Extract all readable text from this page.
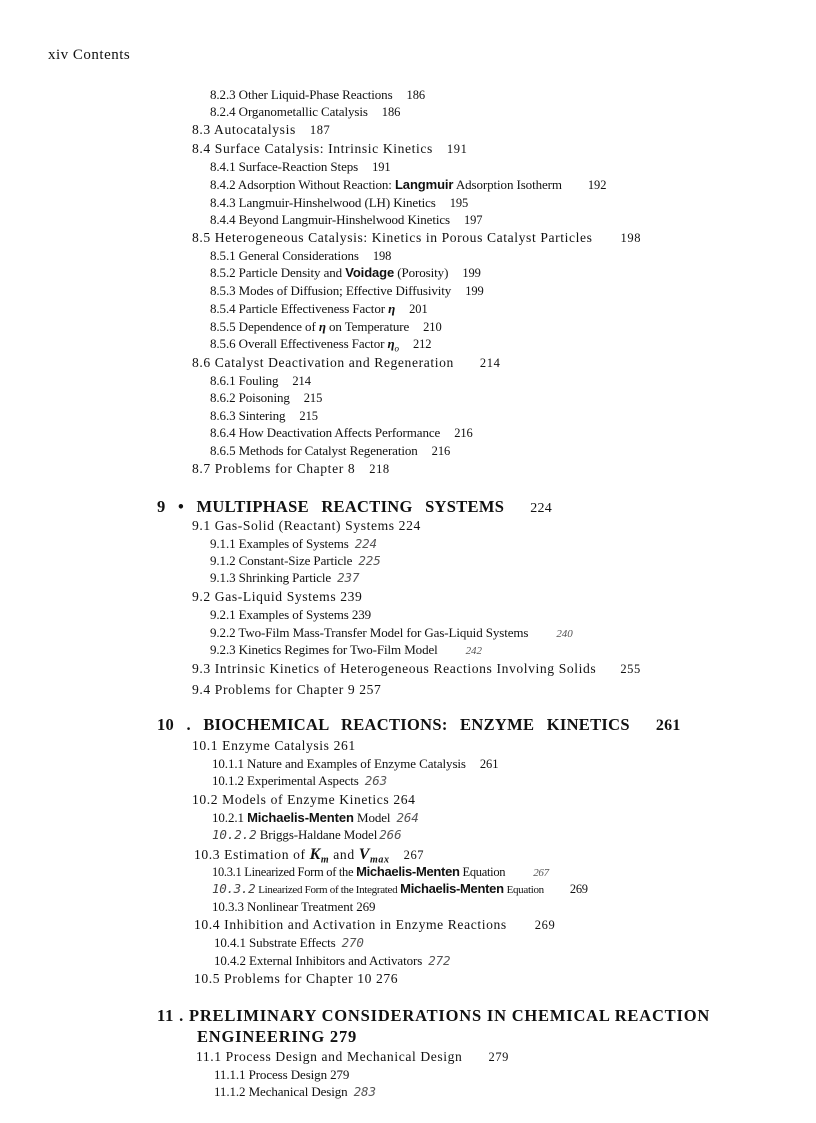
xiv Contents
8.2.3 Other Liquid-Phase Reactions 186
8.2.4 Organometallic Catalysis 186
8.3 Autocatalysis 187
8.4 Surface Catalysis: Intrinsic Kinetics 191
8.4.1 Surface-Reaction Steps 191
8.4.2 Adsorption Without Reaction: Langmuir Adsorption Isotherm 192
8.4.3 Langmuir-Hinshelwood (LH) Kinetics 195
8.4.4 Beyond Langmuir-Hinshelwood Kinetics 197
8.5 Heterogeneous Catalysis: Kinetics in Porous Catalyst Particles 198
8.5.1 General Considerations 198
8.5.2 Particle Density and Voidage (Porosity) 199
8.5.3 Modes of Diffusion; Effective Diffusivity 199
8.5.4 Particle Effectiveness Factor η 201
8.5.5 Dependence of η on Temperature 210
8.5.6 Overall Effectiveness Factor $\eta_o$ 212
8.6 Catalyst Deactivation and Regeneration 214
8.6.1 Fouling 214
8.6.2 Poisoning 215
8.6.3 Sintering 215
8.6.4 How Deactivation Affects Performance 216
8.6.5 Methods for Catalyst Regeneration 216
8.7 Problems for Chapter 8 218
9 • MULTIPHASE REACTING SYSTEMS 224
9.1 Gas-Solid (Reactant) Systems 224
9.1.1 Examples of Systems 224
9.1.2 Constant-Size Particle 225
9.1.3 Shrinking Particle 237
9.2 Gas-Liquid Systems 239
9.2.1 Examples of Systems 239
9.2.2 Two-Film Mass-Transfer Model for Gas-Liquid Systems	240
9.2.3 Kinetics Regimes for Two-Film Model	242
9.3 Intrinsic Kinetics of Heterogeneous Reactions Involving Solids 255
9.4 Problems for Chapter 9 257
10 . BIOCHEMICAL REACTIONS: ENZYME KINETICS 261
10.1 Enzyme Catalysis 261
10.1.1 Nature and Examples of Enzyme Catalysis 261
10.1.2 Experimental Aspects 263
10.2 Models of Enzyme Kinetics 264
10.2.1 Michaelis-Menten Model 264
10.2.2 Briggs-Haldane Model 266
10.3 Estimation of $K_m$ and $V_{max}$ 267
10.3.1 Linearized Form of the Michaelis-Menten Equation	267
10.3.2 Linearized Form of the Integrated Michaelis-Menten Equation 269
10.3.3 Nonlinear Treatment 269
10.4 Inhibition and Activation in Enzyme Reactions 269
10.4.1 Substrate Effects 270
10.4.2 External Inhibitors and Activators 272
10.5 Problems for Chapter 10 276
11 . PRELIMINARY CONSIDERATIONS IN CHEMICAL REACTION
ENGINEERING 279
11.1 Process Design and Mechanical Design 279
11.1.1 Process Design 279
11.1.2 Mechanical Design 283
